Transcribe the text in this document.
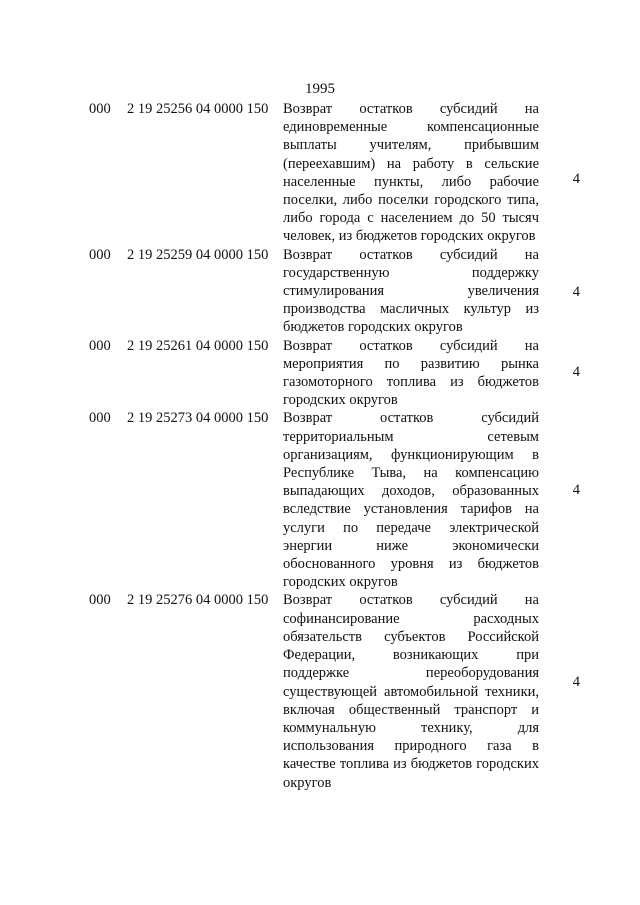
1995
000 2 19 25256 04 0000 150 Возврат остатков субсидий на единовременные компенсационные выплаты учителям, прибывшим (переехавшим) на работу в сельские населенные пункты, либо рабочие поселки, либо поселки городского типа, либо города с населением до 50 тысяч человек, из бюджетов городских округов
4
000 2 19 25259 04 0000 150 Возврат остатков субсидий на государственную поддержку стимулирования увеличения производства масличных культур из бюджетов городских округов
4
000 2 19 25261 04 0000 150 Возврат остатков субсидий на мероприятия по развитию рынка газомоторного топлива из бюджетов городских округов
4
000 2 19 25273 04 0000 150 Возврат остатков субсидий территориальным сетевым организациям, функционирующим в Республике Тыва, на компенсацию выпадающих доходов, образованных вследствие установления тарифов на услуги по передаче электрической энергии ниже экономически обоснованного уровня из бюджетов городских округов
4
000 2 19 25276 04 0000 150 Возврат остатков субсидий на софинансирование расходных обязательств субъектов Российской Федерации, возникающих при поддержке переоборудования существующей автомобильной техники, включая общественный транспорт и коммунальную технику, для использования природного газа в качестве топлива из бюджетов городских округов
4
